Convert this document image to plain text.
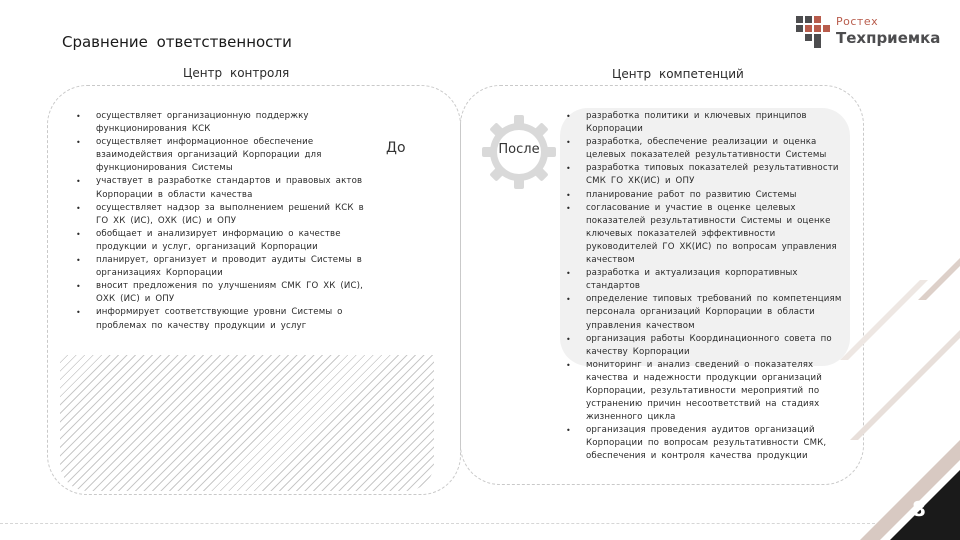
Ростех
Техприемка
Сравнение ответственности
Центр контроля	Центр компетенций
• осуществляет организационную поддержку функционирования КСК
• осуществляет информационное обеспечение взаимодействия организаций Корпорации для функционирования Системы
• участвует в разработке стандартов и правовых актов Корпорации в области качества
• осуществляет надзор за выполнением решений КСК в ГО ХК (ИС), ОХК (ИС) и ОПУ
• обобщает и анализирует информацию о качестве продукции и услуг, организаций Корпорации
• планирует, организует и проводит аудиты Системы в организациях Корпорации
• вносит предложения по улучшениям СМК ГО ХК (ИС), ОХК (ИС) и ОПУ
• информирует соответствующие уровни Системы о проблемах по качеству продукции и услуг
До	После
• разработка политики и ключевых принципов Корпорации
• разработка, обеспечение реализации и оценка целевых показателей результативности Системы
• разработка типовых показателей результативности СМК ГО ХК(ИС) и ОПУ
• планирование работ по развитию Системы
• согласование и участие в оценке целевых показателей результативности Системы и оценке ключевых показателей эффективности руководителей ГО ХК(ИС) по вопросам управления качеством
• разработка и актуализация корпоративных стандартов
• определение типовых требований по компетенциям персонала организаций Корпорации в области управления качеством
• организация работы Координационного совета по качеству Корпорации
• мониторинг и анализ сведений о показателях качества и надежности продукции организаций Корпорации, результативности мероприятий по устранению причин несоответствий на стадиях жизненного цикла
• организация проведения аудитов организаций Корпорации по вопросам результативности СМК, обеспечения и контроля качества продукции
8
